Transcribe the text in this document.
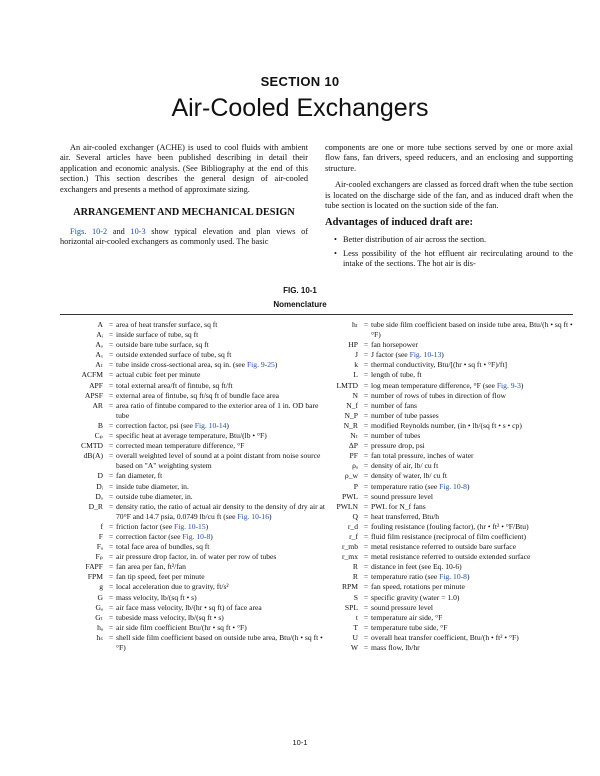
SECTION 10
Air-Cooled Exchangers

An air-cooled exchanger (ACHE) is used to cool fluids with ambient air. Several articles have been published describing in detail their application and economic analysis. (See Bibliography at the end of this section.) This section describes the general design of air-cooled exchangers and presents a method of approximate sizing.

ARRANGEMENT AND MECHANICAL DESIGN

Figs. 10-2 and 10-3 show typical elevation and plan views of horizontal air-cooled exchangers as commonly used. The basic

components are one or more tube sections served by one or more axial flow fans, fan drivers, speed reducers, and an enclosing and supporting structure.

Air-cooled exchangers are classed as forced draft when the tube section is located on the discharge side of the fan, and as induced draft when the tube section is located on the suction side of the fan.

Advantages of induced draft are:
• Better distribution of air across the section.
• Less possibility of the hot effluent air recirculating around to the intake of the sections. The hot air is dis-
FIG. 10-1
Nomenclature
A = area of heat transfer surface, sq ft
Aᵢ = inside surface of tube, sq ft
Aₒ = outside bare tube surface, sq ft
Aₓ = outside extended surface of tube, sq ft
Aₜ = tube inside cross-sectional area, sq in. (see Fig. 9-25)
ACFM = actual cubic feet per minute
APF = total external area/ft of fintube, sq ft/ft
APSF = external area of fintube, sq ft/sq ft of bundle face area
AR = area ratio of fintube compared to the exterior area of 1 in. OD bare tube
B = correction factor, psi (see Fig. 10-14)
Cₚ = specific heat at average temperature, Btu/(lb • °F)
CMTD = corrected mean temperature difference, °F
dB(A) = overall weighted level of sound at a point distant from noise source based on "A" weighting system
D = fan diameter, ft
Dᵢ = inside tube diameter, in.
Dₒ = outside tube diameter, in.
D_R = density ratio, the ratio of actual air density to the density of dry air at 70°F and 14.7 psia, 0.0749 lb/cu ft (see Fig. 10-16)
f = friction factor (see Fig. 10-15)
F = correction factor (see Fig. 10-8)
Fₐ = total face area of bundles, sq ft
Fₚ = air pressure drop factor, in. of water per row of tubes
FAPF = fan area per fan, ft²/fan
FPM = fan tip speed, feet per minute
g = local acceleration due to gravity, ft/s²
G = mass velocity, lb/(sq ft • s)
Gₐ = air face mass velocity, lb/(hr • sq ft) of face area
Gₜ = tubeside mass velocity, lb/(sq ft • s)
hₐ = air side film coefficient Btu/(hr • sq ft • °F)
hₛ = shell side film coefficient based on outside tube area, Btu/(h • sq ft • °F)
hₜ = tube side film coefficient based on inside tube area, Btu/(h • sq ft • °F)
HP = fan horsepower
J = J factor (see Fig. 10-13)
k = thermal conductivity, Btu/[(hr • sq ft • °F)/ft]
L = length of tube, ft
LMTD = log mean temperature difference, °F (see Fig. 9-3)
N = number of rows of tubes in direction of flow
N_f = number of fans
N_P = number of tube passes
N_R = modified Reynolds number, (in • lb/(sq ft • s • cp)
Nₜ = number of tubes
ΔP = pressure drop, psi
PF = fan total pressure, inches of water
ρₐ = density of air, lb/ cu ft
ρ_w = density of water, lb/ cu ft
P = temperature ratio (see Fig. 10-8)
PWL = sound pressure level
PWLN = PWL for N_f fans
Q = heat transferred, Btu/h
r_d = fouling resistance (fouling factor), (hr • ft² • °F/Btu)
r_f = fluid film resistance (reciprocal of film coefficient)
r_mb = metal resistance referred to outside bare surface
r_mx = metal resistance referred to outside extended surface
R = distance in feet (see Eq. 10-6)
R = temperature ratio (see Fig. 10-8)
RPM = fan speed, rotations per minute
S = specific gravity (water = 1.0)
SPL = sound pressure level
t = temperature air side, °F
T = temperature tube side, °F
U = overall heat transfer coefficient, Btu/(h • ft² • °F)
W = mass flow, lb/hr
10-1
